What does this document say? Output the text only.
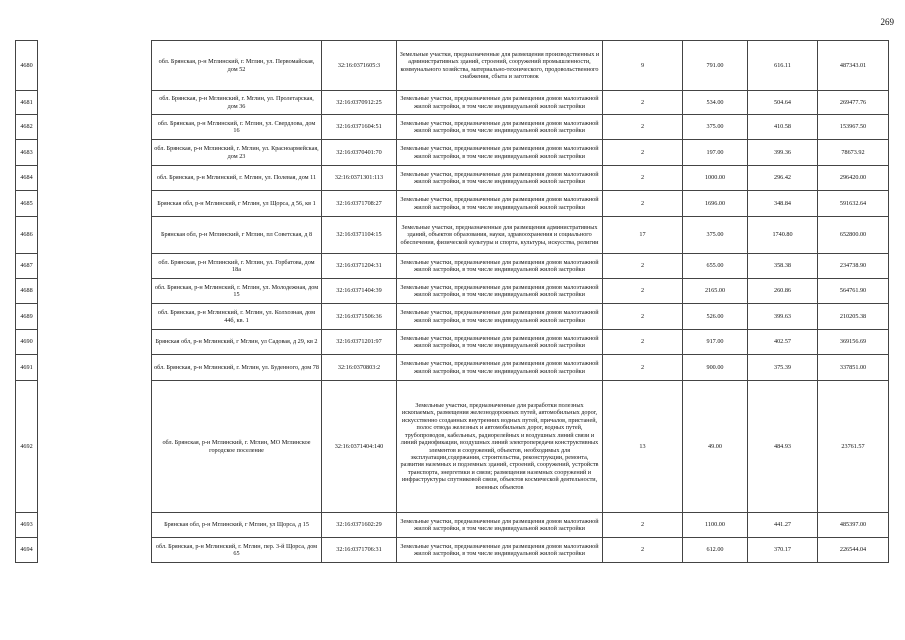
269
4680		обл. Брянская, р-н Мглинский, г. Мглин, ул. Первомайская, дом 52	32:16:0371605:3	Земельные участки, предназначенные для размещения производственных и административных зданий, строений, сооружений промышленности, коммунального хозяйства, материально-технического, продовольственного снабжения, сбыта и заготовок	9	791.00	616.11	487343.01
4681		обл. Брянская, р-н Мглинский, г. Мглин, ул. Пролетарская, дом 36	32:16:0370912:25	Земельные участки, предназначенные для размещения домов малоэтажной жилой застройки, в том числе индивидуальной жилой застройки	2	534.00	504.64	269477.76
4682		обл. Брянская, р-н Мглинский, г. Мглин, ул. Свердлова, дом 16	32:16:0371604:51	Земельные участки, предназначенные для размещения домов малоэтажной жилой застройки, в том числе индивидуальной жилой застройки	2	375.00	410.58	153967.50
4683		обл. Брянская, р-н Мглинский, г. Мглин, ул. Красноармейская, дом 23	32:16:0370401:70	Земельные участки, предназначенные для размещения домов малоэтажной жилой застройки, в том числе индивидуальной жилой застройки	2	197.00	399.36	78673.92
4684		обл. Брянская, р-н Мглинский, г. Мглин, ул. Полевая, дом 11	32:16:0371301:113	Земельные участки, предназначенные для размещения домов малоэтажной жилой застройки, в том числе индивидуальной жилой застройки	2	1000.00	296.42	296420.00
4685		Брянская обл, р-н Мглинский, г Мглин, ул Щорса, д 56, кв 1	32:16:0371708:27	Земельные участки, предназначенные для размещения домов малоэтажной жилой застройки, в том числе индивидуальной жилой застройки	2	1696.00	348.84	591632.64
4686		Брянская обл, р-н Мглинский, г Мглин, пл Советская, д 8	32:16:0371104:15	Земельные участки, предназначенные для размещения административных зданий, объектов образования, науки, здравоохранения и социального обеспечения, физической культуры и спорта, культуры, искусства, религии	17	375.00	1740.80	652800.00
4687		обл. Брянская, р-н Мглинский, г. Мглин, ул. Горбатова, дом 18а	32:16:0371204:31	Земельные участки, предназначенные для размещения домов малоэтажной жилой застройки, в том числе индивидуальной жилой застройки	2	655.00	358.38	234738.90
4688		обл. Брянская, р-н Мглинский, г. Мглин, ул. Молодежная, дом 15	32:16:0371404:39	Земельные участки, предназначенные для размещения домов малоэтажной жилой застройки, в том числе индивидуальной жилой застройки	2	2165.00	260.86	564761.90
4689		обл. Брянская, р-н Мглинский, г. Мглин, ул. Колхозная, дом 44б, кв. 1	32:16:0371506:36	Земельные участки, предназначенные для размещения домов малоэтажной жилой застройки, в том числе индивидуальной жилой застройки	2	526.00	399.63	210205.38
4690		Брянская обл, р-н Мглинский, г Мглин, ул Садовая, д 29, кв 2	32:16:0371201:97	Земельные участки, предназначенные для размещения домов малоэтажной жилой застройки, в том числе индивидуальной жилой застройки	2	917.00	402.57	369156.69
4691		обл. Брянская, р-н Мглинский, г. Мглин, ул. Буденного, дом 78	32:16:0370803:2	Земельные участки, предназначенные для размещения домов малоэтажной жилой застройки, в том числе индивидуальной жилой застройки	2	900.00	375.39	337851.00
4692		обл. Брянская, р-н Мглинский, г. Мглин, МО Мглинское городское поселение	32:16:0371404:140	Земельные участки, предназначенные для разработки полезных ископаемых, размещения железнодорожных путей, автомобильных дорог, искусственно созданных внутренних водных путей, причалов, пристаней, полос отвода железных и автомобильных дорог, водных путей, трубопроводов, кабельных, радиорелейных и воздушных линий связи и линий радиофикации, воздушных линий электропередачи конструктивных элементов и сооружений, объектов, необходимых для эксплуатации,содержания, строительства, реконструкции, ремонта, развития наземных и подземных зданий, строений, сооружений, устройств транспорта, энергетики и связи; размещения наземных сооружений и инфраструктуры спутниковой связи, объектов космической деятельности, военных объектов	13	49.00	484.93	23761.57
4693		Брянская обл, р-н Мглинский, г Мглин, ул Щорса, д 15	32:16:0371602:29	Земельные участки, предназначенные для размещения домов малоэтажной жилой застройки, в том числе индивидуальной жилой застройки	2	1100.00	441.27	485397.00
4694		обл. Брянская, р-н Мглинский, г. Мглин, пер. 3-й Щорса, дом 65	32:16:0371706:31	Земельные участки, предназначенные для размещения домов малоэтажной жилой застройки, в том числе индивидуальной жилой застройки	2	612.00	370.17	226544.04
